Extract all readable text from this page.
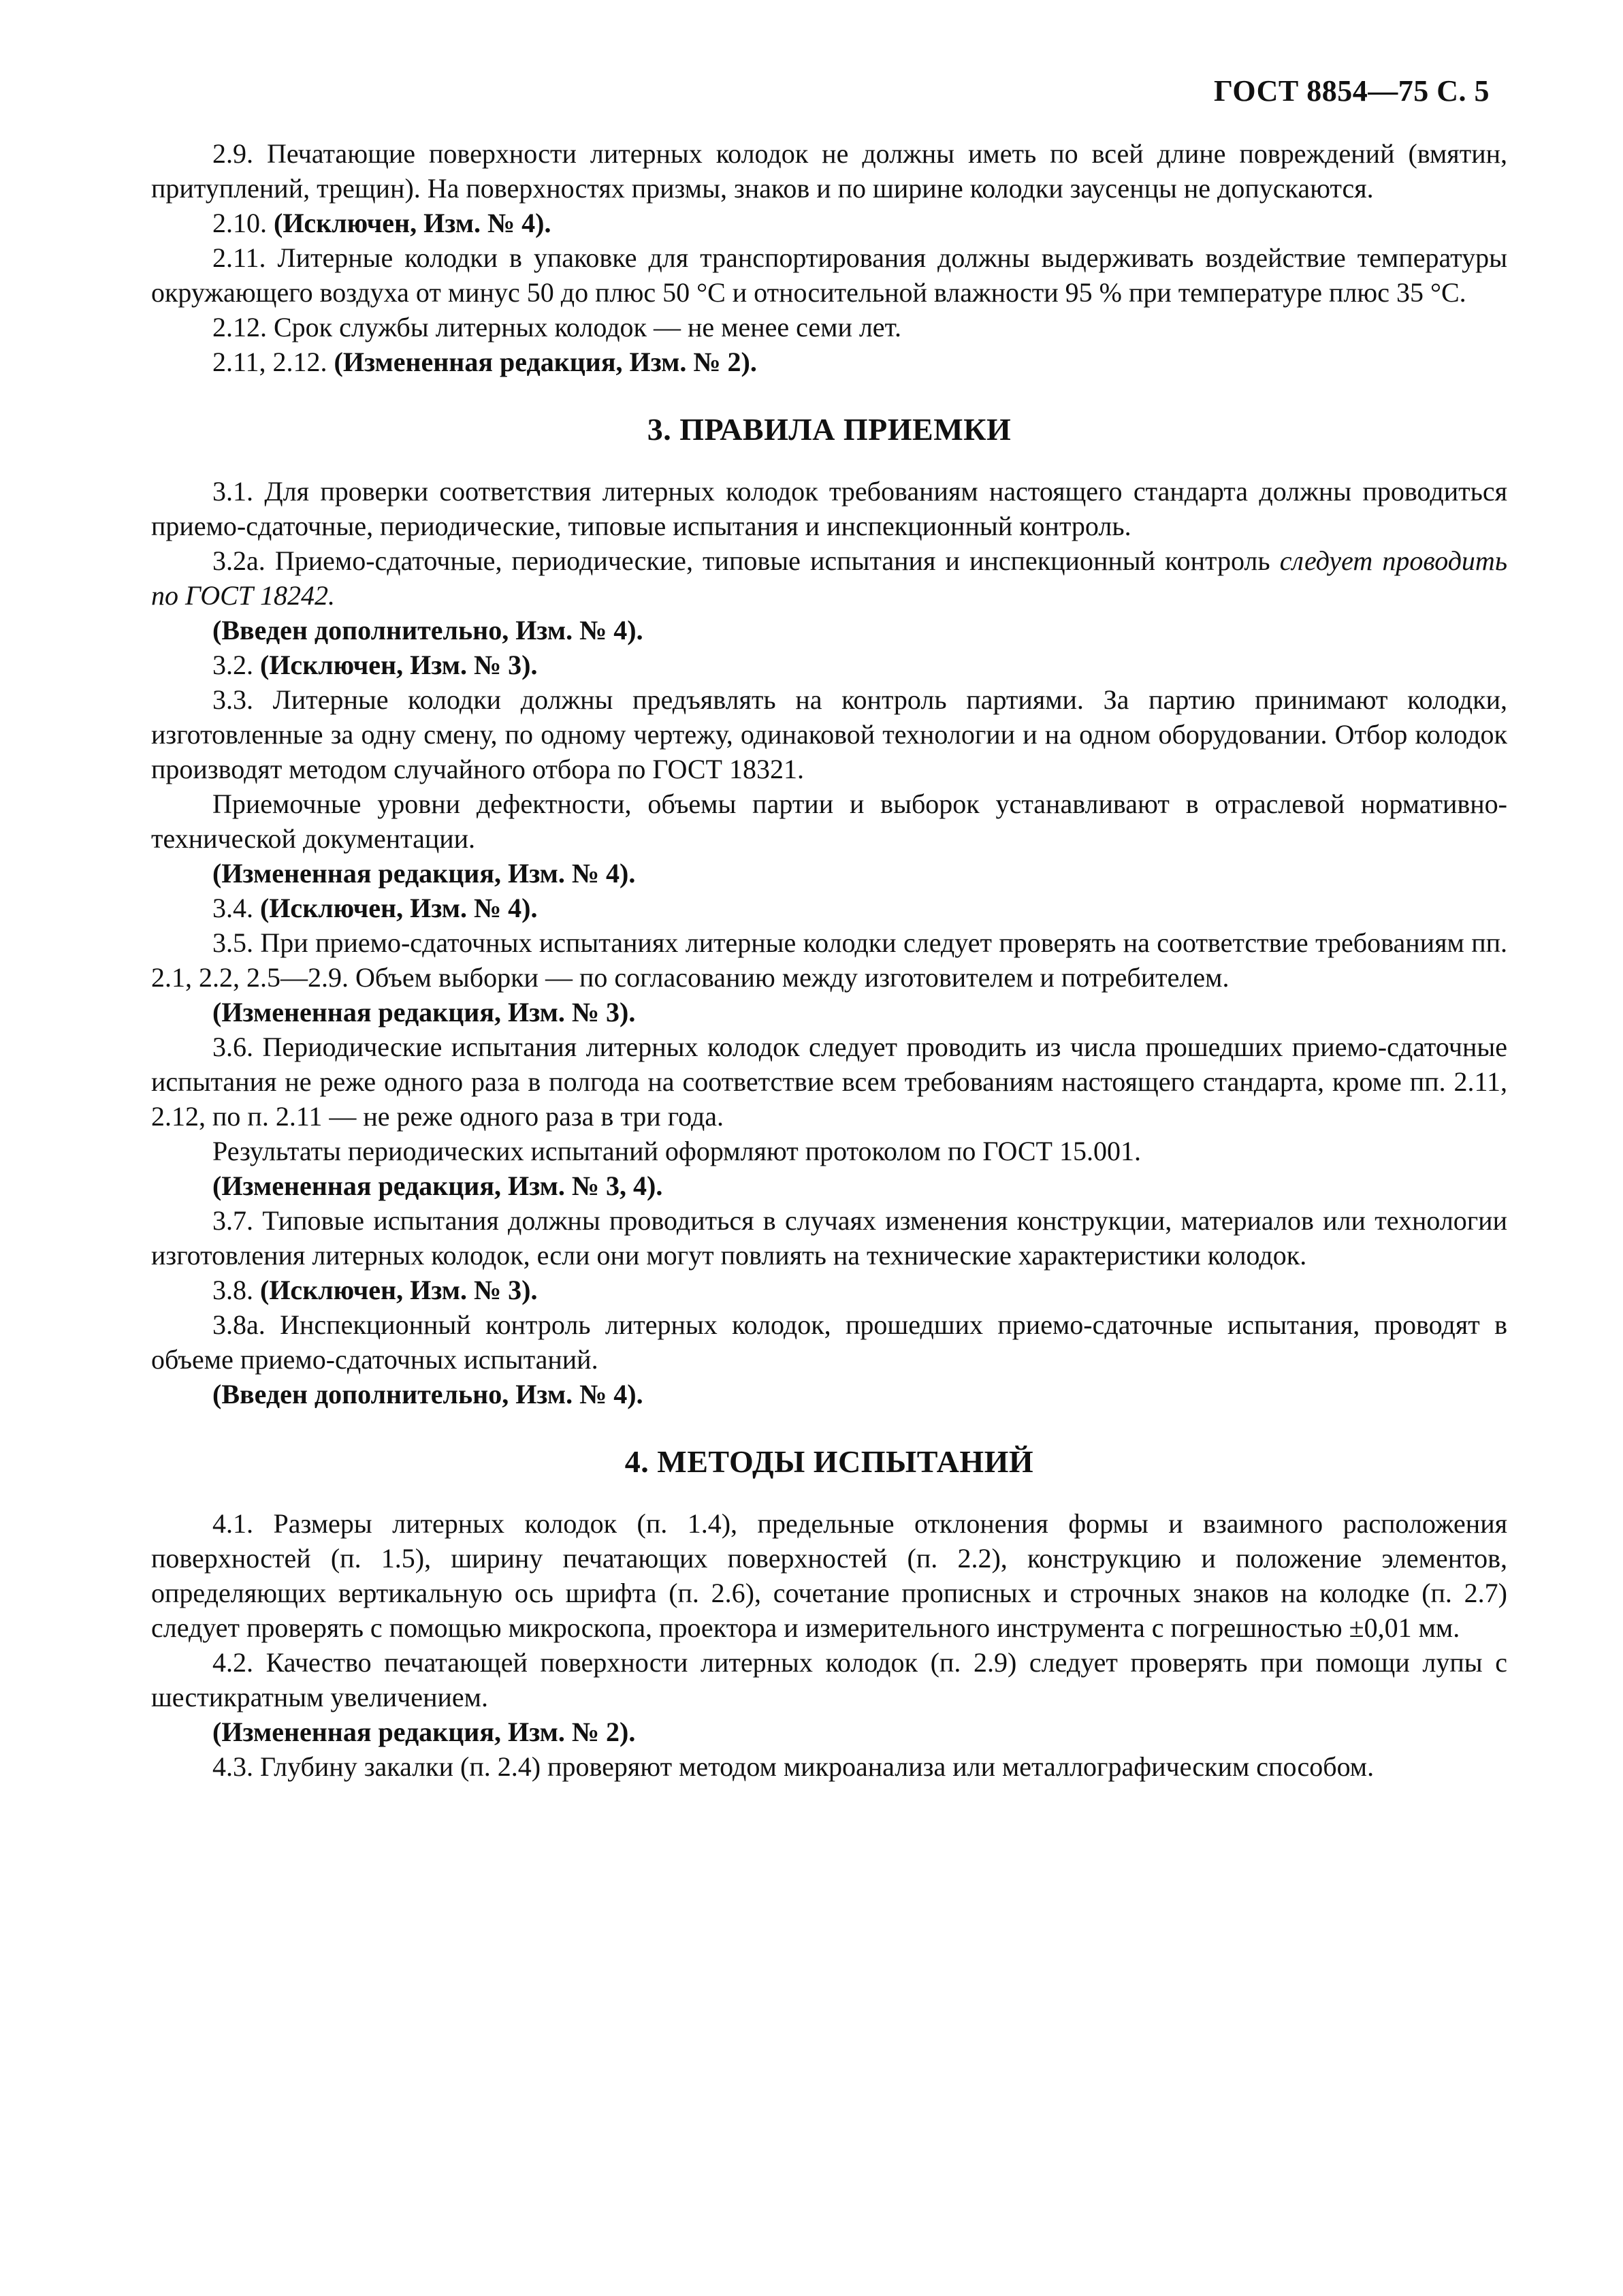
ГОСТ 8854—75 С. 5

2.9. Печатающие поверхности литерных колодок не должны иметь по всей длине повреждений (вмятин, притуплений, трещин). На поверхностях призмы, знаков и по ширине колодки заусенцы не допускаются.

2.10. (Исключен, Изм. № 4).

2.11. Литерные колодки в упаковке для транспортирования должны выдерживать воздействие температуры окружающего воздуха от минус 50 до плюс 50 °С и относительной влажности 95 % при температуре плюс 35 °С.

2.12. Срок службы литерных колодок — не менее семи лет.

2.11, 2.12. (Измененная редакция, Изм. № 2).

3. ПРАВИЛА ПРИЕМКИ

3.1. Для проверки соответствия литерных колодок требованиям настоящего стандарта должны проводиться приемо-сдаточные, периодические, типовые испытания и инспекционный контроль.

3.2а. Приемо-сдаточные, периодические, типовые испытания и инспекционный контроль следует проводить по ГОСТ 18242.

(Введен дополнительно, Изм. № 4).

3.2. (Исключен, Изм. № 3).

3.3. Литерные колодки должны предъявлять на контроль партиями. За партию принимают колодки, изготовленные за одну смену, по одному чертежу, одинаковой технологии и на одном оборудовании. Отбор колодок производят методом случайного отбора по ГОСТ 18321.

Приемочные уровни дефектности, объемы партии и выборок устанавливают в отраслевой нормативно-технической документации.

(Измененная редакция, Изм. № 4).

3.4. (Исключен, Изм. № 4).

3.5. При приемо-сдаточных испытаниях литерные колодки следует проверять на соответствие требованиям пп. 2.1, 2.2, 2.5—2.9. Объем выборки — по согласованию между изготовителем и потребителем.

(Измененная редакция, Изм. № 3).

3.6. Периодические испытания литерных колодок следует проводить из числа прошедших приемо-сдаточные испытания не реже одного раза в полгода на соответствие всем требованиям настоящего стандарта, кроме пп. 2.11, 2.12, по п. 2.11 — не реже одного раза в три года.

Результаты периодических испытаний оформляют протоколом по ГОСТ 15.001.

(Измененная редакция, Изм. № 3, 4).

3.7. Типовые испытания должны проводиться в случаях изменения конструкции, материалов или технологии изготовления литерных колодок, если они могут повлиять на технические характеристики колодок.

3.8. (Исключен, Изм. № 3).

3.8а. Инспекционный контроль литерных колодок, прошедших приемо-сдаточные испытания, проводят в объеме приемо-сдаточных испытаний.

(Введен дополнительно, Изм. № 4).

4. МЕТОДЫ ИСПЫТАНИЙ

4.1. Размеры литерных колодок (п. 1.4), предельные отклонения формы и взаимного расположения поверхностей (п. 1.5), ширину печатающих поверхностей (п. 2.2), конструкцию и положение элементов, определяющих вертикальную ось шрифта (п. 2.6), сочетание прописных и строчных знаков на колодке (п. 2.7) следует проверять с помощью микроскопа, проектора и измерительного инструмента с погрешностью ±0,01 мм.

4.2. Качество печатающей поверхности литерных колодок (п. 2.9) следует проверять при помощи лупы с шестикратным увеличением.

(Измененная редакция, Изм. № 2).

4.3. Глубину закалки (п. 2.4) проверяют методом микроанализа или металлографическим способом.
